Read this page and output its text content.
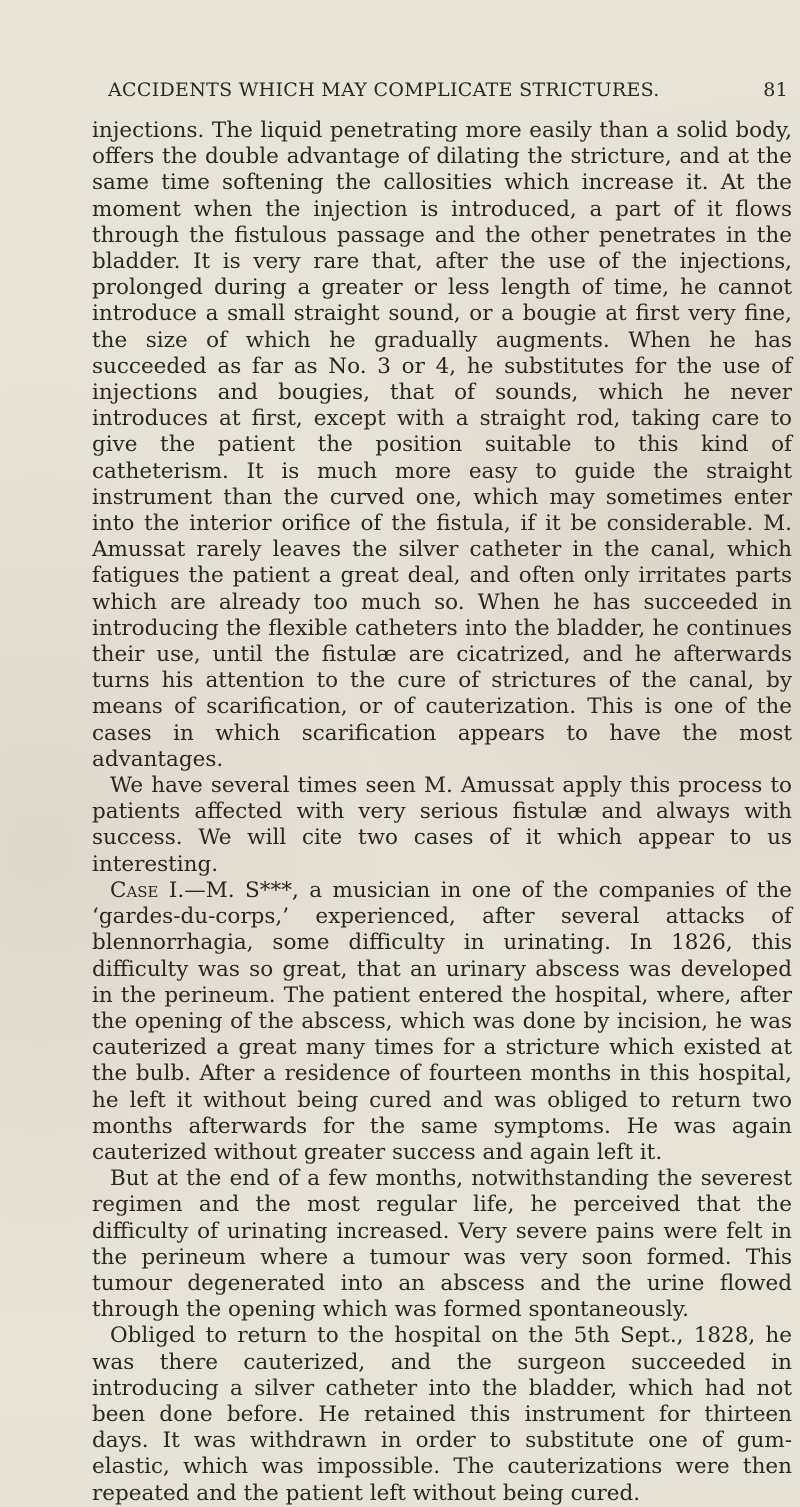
ACCIDENTS WHICH MAY COMPLICATE STRICTURES.	81

injections. The liquid penetrating more easily than a solid body, offers the double advantage of dilating the stricture, and at the same time softening the callosities which increase it. At the moment when the injection is introduced, a part of it flows through the fistulous passage and the other penetrates in the bladder. It is very rare that, after the use of the injections, prolonged during a greater or less length of time, he cannot introduce a small straight sound, or a bougie at first very fine, the size of which he gradually augments. When he has succeeded as far as No. 3 or 4, he substitutes for the use of injections and bougies, that of sounds, which he never introduces at first, except with a straight rod, taking care to give the patient the position suitable to this kind of catheterism. It is much more easy to guide the straight instrument than the curved one, which may sometimes enter into the interior orifice of the fistula, if it be considerable. M. Amussat rarely leaves the silver catheter in the canal, which fatigues the patient a great deal, and often only irritates parts which are already too much so. When he has succeeded in introducing the flexible catheters into the bladder, he continues their use, until the fistulæ are cicatrized, and he afterwards turns his attention to the cure of strictures of the canal, by means of scarification, or of cauterization. This is one of the cases in which scarification appears to have the most advantages.

We have several times seen M. Amussat apply this process to patients affected with very serious fistulæ and always with success. We will cite two cases of it which appear to us interesting.

Case I.—M. S***, a musician in one of the companies of the ‘gardes-du-corps,’ experienced, after several attacks of blennorrhagia, some difficulty in urinating. In 1826, this difficulty was so great, that an urinary abscess was developed in the perineum. The patient entered the hospital, where, after the opening of the abscess, which was done by incision, he was cauterized a great many times for a stricture which existed at the bulb. After a residence of fourteen months in this hospital, he left it without being cured and was obliged to return two months afterwards for the same symptoms. He was again cauterized without greater success and again left it.

But at the end of a few months, notwithstanding the severest regimen and the most regular life, he perceived that the difficulty of urinating increased. Very severe pains were felt in the perineum where a tumour was very soon formed. This tumour degenerated into an abscess and the urine flowed through the opening which was formed spontaneously.

Obliged to return to the hospital on the 5th Sept., 1828, he was there cauterized, and the surgeon succeeded in introducing a silver catheter into the bladder, which had not been done before. He retained this instrument for thirteen days. It was withdrawn in order to substitute one of gum-elastic, which was impossible. The cauterizations were then repeated and the patient left without being cured.
